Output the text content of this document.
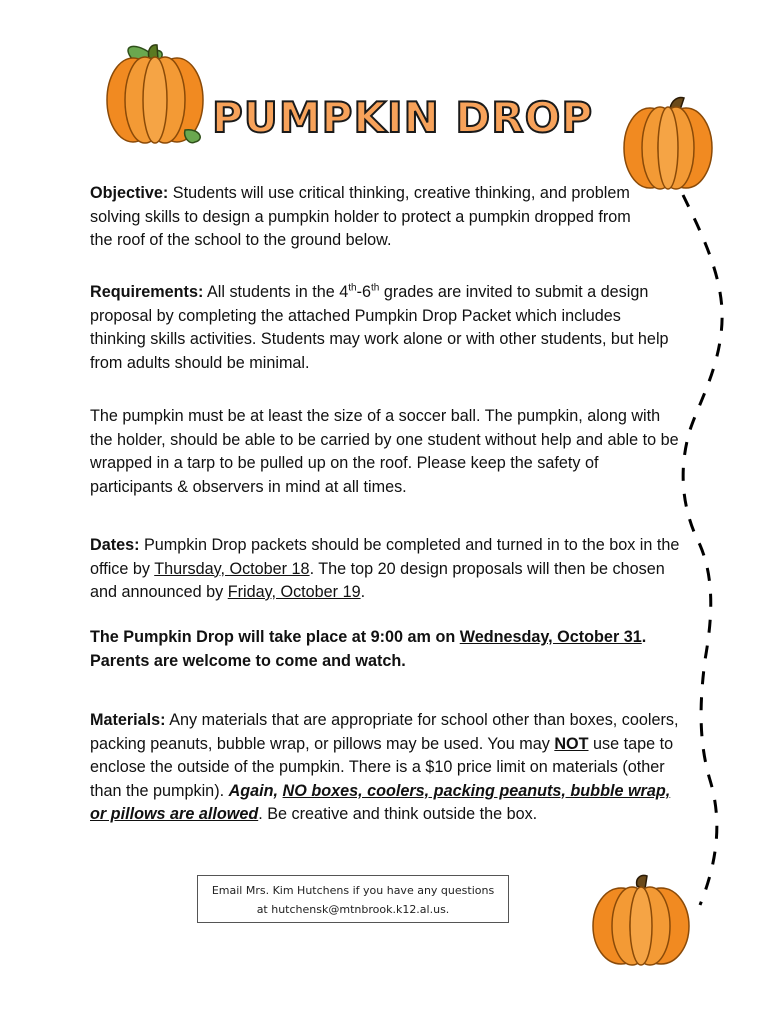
PUMPKIN DROP

Objective: Students will use critical thinking, creative thinking, and problem solving skills to design a pumpkin holder to protect a pumpkin dropped from the roof of the school to the ground below.

Requirements: All students in the 4th-6th grades are invited to submit a design proposal by completing the attached Pumpkin Drop Packet which includes thinking skills activities. Students may work alone or with other students, but help from adults should be minimal.

The pumpkin must be at least the size of a soccer ball. The pumpkin, along with the holder, should be able to be carried by one student without help and able to be wrapped in a tarp to be pulled up on the roof. Please keep the safety of participants & observers in mind at all times.

Dates: Pumpkin Drop packets should be completed and turned in to the box in the office by Thursday, October 18. The top 20 design proposals will then be chosen and announced by Friday, October 19.

The Pumpkin Drop will take place at 9:00 am on Wednesday, October 31. Parents are welcome to come and watch.

Materials: Any materials that are appropriate for school other than boxes, coolers, packing peanuts, bubble wrap, or pillows may be used. You may NOT use tape to enclose the outside of the pumpkin. There is a $10 price limit on materials (other than the pumpkin). Again, NO boxes, coolers, packing peanuts, bubble wrap, or pillows are allowed. Be creative and think outside the box.

Email Mrs. Kim Hutchens if you have any questions
at hutchensk@mtnbrook.k12.al.us.
